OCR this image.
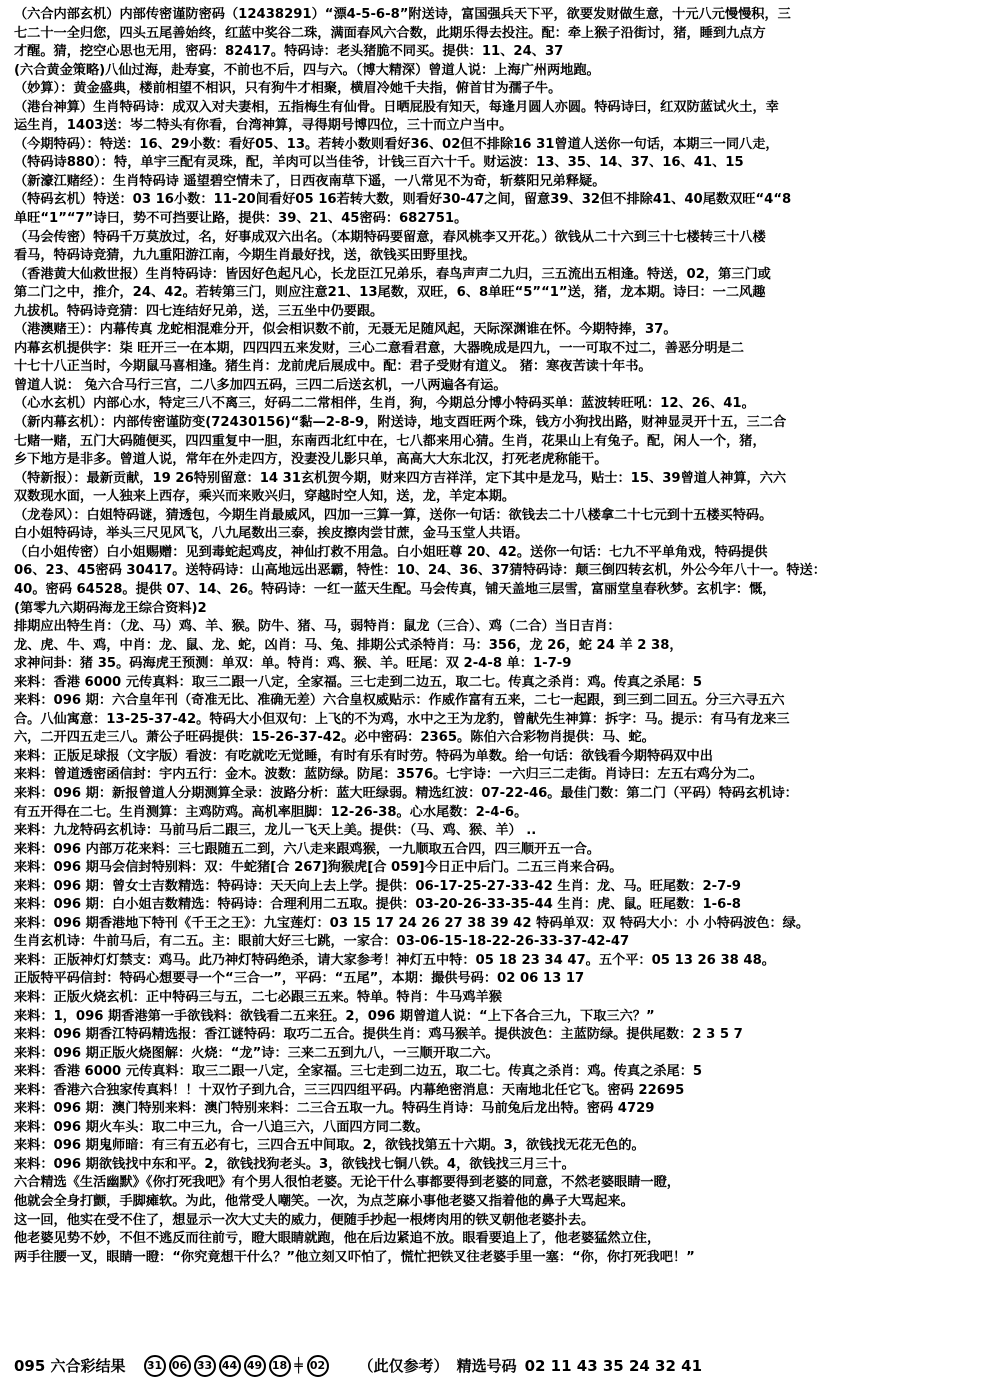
（六合内部玄机）内部传密谨防密码（12438291）“漂4-5-6-8”附送诗，富国强兵天下平，欲要发财做生意，十元八元慢慢积，三
七二十一全归您，四头五尾善始终，红蓝中奖谷二珠，满面春风六合数，此期乐得去投注。配：牵上猴子沿街讨，猪，睡到九点方
才醒。猜，挖空心思也无用，密码：82417。特码诗：老头猪脆不同买。提供：11、24、37
(六合黄金策略)八仙过海，赴寿宴，不前也不后，四与六。（博大精深）曾道人说：上海广州两地跑。
（妙算）：黄金盛典，楼前相望不相识，只有狗牛才相聚，横眉冷她千夫指，俯首甘为孺子牛。
（港台神算）生肖特码诗：成双入对夫妻相，五指梅生有仙骨。日晒屁股有知天，每逢月圆人亦圆。特码诗曰，红双防蓝试火土，幸
运生肖，1403送：岑二特头有你看，台湾神算，寻得期号博四位，三十而立户当中。
（今期特码）：特送：16、29小数：看好05、13。若转小数则看好36、02但不排除16 31曾道人送你一句话，本期三一同八走，
（特码诗880）：特，单宇三配有灵珠，配，羊肉可以当佳爷，计钱三百六十千。财运波：13、35、14、37、16、41、15
（新濠江赌经）：生肖特码诗 遥望碧空情未了，日西夜南草下遥，一八常见不为奇，斩蔡阳兄弟释疑。
（特码玄机）特送：03 16小数：11-20间看好05 16若转大数，则看好30-47之间，留意39、32但不排除41、40尾数双旺“4“8
单旺“1”“7”诗曰，势不可挡要让路，提供：39、21、45密码：682751。
（马会传密）特码千万莫放过，名，好事成双六出名。（本期特码要留意，春风桃李又开花。）欲钱从二十六到三十七楼转三十八楼
看马，特码诗竞猜，九九重阳游江南，今期生肖最好找，送，欲钱买田野里找。
（香港黄大仙救世报）生肖特码诗：皆因好色起凡心，长龙臣江兄弟乐，春鸟声声二九归，三五流出五相逢。特送，02，第三门或
第二门之中，推介，24、42。若转第三门，则应注意21、13尾数，双旺，6、8单旺“5”“1”送，猪，龙本期。诗曰：一二风趣
九拔机。特码诗竞猜：四七连结好兄弟，送，三五坐中仍要跟。
（港澳赌王）：内幕传真 龙蛇相混难分开，似会相识数不前，无聂无足随风起，天际深渊谁在怀。今期特捧，37。
内幕玄机提供字：柒 旺开三一在本期，四四四五来发财，三心二意看君意，大器晚成是四九，一一可取不过二，善恶分明是二
十七十八正当时，今期鼠马喜相逢。猪生肖：龙前虎后展成中。配：君子受财有道义。 猪：寒夜苦读十年书。
曾道人说： 兔六合马行三宫，二八多加四五码，三四二后送玄机，一八两遍各有运。
（心水玄机）内部心水，特定三八不离三，好码二二常相伴，生肖，狗，今期总分博小特码买单：蓝波转旺吼：12、26、41。
（新内幕玄机）：内部传密谨防变(72430156)“黏—2-8-9，附送诗，地支酉旺两个珠，钱方小狗找出路，财神显灵开十五，三二合
七赌一赌，五门大码随便买，四四重复中一胆，东南西北红中在，七八都来用心猜。生肖，花果山上有兔子。配，闲人一个，猪，
乡下地方是非多。曾道人说，常年在外走四方，没妻没儿影只单，高高大大东北汉，打死老虎称能干。
（特新报）：最新贡献，19 26特别留意：14 31玄机贺今期，财来四方吉祥洋，定下其中是龙马，贴士：15、39曾道人神算，六六
双数现水面，一人独来上西存，乘兴而来败兴归，穿越时空人知，送，龙，羊定本期。
（龙卷风）：白姐特码谜，猜透包，今期生肖最威风，四加一三算一算，送你一句话：欲钱去二十八楼拿二十七元到十五楼买特码。
白小姐特码诗，举头三尺见风飞，八九尾数出三泰，挨皮擦肉尝甘蔗，金马玉堂人共语。
（白小姐传密）白小姐赐赠：见到毒蛇起鸡皮，神仙打救不用急。白小姐旺尊 20、42。送你一句话：七九不平单角戏，特码提供
06、23、45密码 30417。送特码诗：山高地远出恶霸，特性：10、24、36、37猜特码诗：颠三倒四转玄机，外公今年八十一。特送：
40。密码 64528。提供 07、14、26。特码诗：一红一蓝天生配。马会传真，铺天盖地三层雪，富丽堂皇春秋梦。玄机字：慨，
(第零九六期码海龙王综合资料)2
排期应出特生肖：（龙、马）鸡、羊、猴。防牛、猪、马，弱特肖：鼠龙（三合）、鸡（二合）当日吉肖：
龙、虎、牛、鸡，中肖：龙、鼠、龙、蛇，凶肖：马、兔、排期公式杀特肖：马：356，龙 26，蛇 24 羊 2 38，
求神问卦：猪 35。码海虎王预测：单双：单。特肖：鸡、猴、羊。旺尾：双 2-4-8 单：1-7-9
来料：香港 6000 元传真料：取三二跟一八定，全家福。三七走到二边五，取二七。传真之杀肖：鸡。传真之杀尾：5
来料：096 期：六合皇年刊（奇准无比、准确无差）六合皇权威贴示：作威作富有五来，二七一起跟，到三到二回五。分三六寻五六
合。八仙寓意：13-25-37-42。特码大小但双句：上飞的不为鸡，水中之王为龙豹，曾献先生神算：拆字：马。提示：有马有龙来三
六，二开四五走三八。萧公子旺码提供：15-26-37-42。必中密码：2365。陈伯六合彩物肖提供：马、蛇。
来料：正版足球报（文字版）看波：有吃就吃无觉睡，有时有乐有时劳。特码为单数。给一句话：欲钱看今期特码双中出
来料：曾道透密函信封：宇内五行：金木。波数：蓝防绿。防尾：3576。七宇诗：一六归三二走街。肖诗曰：左五右鸡分为二。
来料：096 期：新报曾道人分期测算全录：波路分析：蓝大旺绿弱。精选红波：07-22-46。最佳门数：第二门（平码）特码玄机诗：
有五开得在二七。生肖测算：主鸡防鸡。高机率胆脚：12-26-38。心水尾数：2-4-6。
来料：九龙特码玄机诗：马前马后二跟三，龙儿一飞天上美。提供：（马、鸡、猴、羊） ..
来料：096 内部万花来料：三七跟随五二到，六八走来跟鸡猴，一九顺取五合四，四三顺开五一合。
来料：096 期马会信封特别料：双：牛蛇猪[合 267]狗猴虎[合 059]今日正中后门。二五三肖来合码。
来料：096 期：曾女士吉数精选：特码诗：天天向上去上学。提供：06-17-25-27-33-42 生肖：龙、马。旺尾数：2-7-9
来料：096 期：白小姐吉数精选：特码诗：合理利用二五取。提供：03-20-26-33-35-44 生肖：虎、鼠。旺尾数：1-6-8
来料：096 期香港地下特刊《千王之王》：九宝莲灯：03 15 17 24 26 27 38 39 42 特码单双：双 特码大小：小 小特码波色：绿。
生肖玄机诗：牛前马后，有二五。主：眼前大好三七跳，一家合：03-06-15-18-22-26-33-37-42-47
来料：正版神灯灯禁支：鸡马。此乃神灯特码绝杀，请大家参考！神灯五中特：05 18 23 34 47。五个平：05 13 26 38 48。
正版特平码信封：特码心想要寻一个“三合一”，平码：“五尾”，本期：撮供号码：02 06 13 17
来料：正版火烧玄机：正中特码三与五，二七必跟三五来。特单。特肖：牛马鸡羊猴
来料：1，096 期香港第一手欲钱料：欲钱看二五来狂。2，096 期曾道人说：“上下各合三九，下取三六？”
来料：096 期香江特码精选报：香江谜特码：取巧二五合。提供生肖：鸡马猴羊。提供波色：主蓝防绿。提供尾数：2 3 5 7
来料：096 期正版火烧图解：火烧：“龙”诗：三来二五到九八，一三顺开取二六。
来料：香港 6000 元传真料：取三二跟一八定，全家福。三七走到二边五，取二七。传真之杀肖：鸡。传真之杀尾：5
来料：香港六合独家传真料！！十双竹子到九合，三三四四组平码。内幕绝密消息：天南地北任它飞。密码 22695
来料：096 期：澳门特别来料：澳门特别来料：二三合五取一九。特码生肖诗：马前兔后龙出特。密码 4729
来料：096 期火车头：取二中三九，合一八追三六，八面四方同二数。
来料：096 期鬼师暗：有三有五必有七，三四合五中间取。2，欲钱找第五十六期。3，欲钱找无花无色的。
来料：096 期欲钱找中东和平。2，欲钱找狗老头。3，欲钱找七铜八铁。4，欲钱找三月三十。
六合精选《生活幽默》《你打死我吧》有个男人很怕老婆。无论干什么事都要得到老婆的同意，不然老婆眼睛一瞪，
他就会全身打颤，手脚瘫软。为此，他常受人嘲笑。一次，为点芝麻小事他老婆又指着他的鼻子大骂起来。
这一回，他实在受不住了，想显示一次大丈夫的威力，便随手抄起一根烤肉用的铁叉朝他老婆扑去。
他老婆见势不妙，不但不逃反而往前亏，瞪大眼睛就跑，他在后边紧追不放。眼看要追上了，他老婆猛然立住，
两手往腰一叉，眼睛一瞪：“你究竟想干什么？”他立刻又吓怕了，慌忙把铁叉往老婆手里一塞：“你，你打死我吧！”
095 六合彩结果	31 06 33 44 49 18 ╪ 02 （此仅参考） 精选号码 02 11 43 35 24 32 41
